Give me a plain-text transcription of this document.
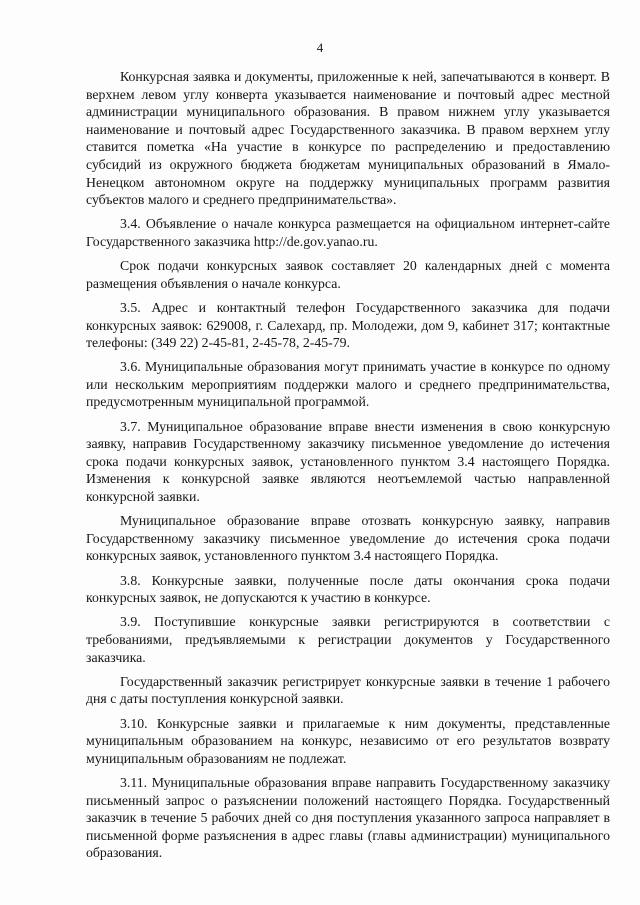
4

Конкурсная заявка и документы, приложенные к ней, запечатываются в конверт. В верхнем левом углу конверта указывается наименование и почтовый адрес местной администрации муниципального образования. В правом нижнем углу указывается наименование и почтовый адрес Государственного заказчика. В правом верхнем углу ставится пометка «На участие в конкурсе по распределению и предоставлению субсидий из окружного бюджета бюджетам муниципальных образований в Ямало-Ненецком автономном округе на поддержку муниципальных программ развития субъектов малого и среднего предпринимательства».

3.4. Объявление о начале конкурса размещается на официальном интернет-сайте Государственного заказчика http://de.gov.yanao.ru.

Срок подачи конкурсных заявок составляет 20 календарных дней с момента размещения объявления о начале конкурса.

3.5. Адрес и контактный телефон Государственного заказчика для подачи конкурсных заявок: 629008, г. Салехард, пр. Молодежи, дом 9, кабинет 317; контактные телефоны: (349 22) 2-45-81, 2-45-78, 2-45-79.

3.6. Муниципальные образования могут принимать участие в конкурсе по одному или нескольким мероприятиям поддержки малого и среднего предпринимательства, предусмотренным муниципальной программой.

3.7. Муниципальное образование вправе внести изменения в свою конкурсную заявку, направив Государственному заказчику письменное уведомление до истечения срока подачи конкурсных заявок, установленного пунктом 3.4 настоящего Порядка. Изменения к конкурсной заявке являются неотъемлемой частью направленной конкурсной заявки.

Муниципальное образование вправе отозвать конкурсную заявку, направив Государственному заказчику письменное уведомление до истечения срока подачи конкурсных заявок, установленного пунктом 3.4 настоящего Порядка.

3.8. Конкурсные заявки, полученные после даты окончания срока подачи конкурсных заявок, не допускаются к участию в конкурсе.

3.9. Поступившие конкурсные заявки регистрируются в соответствии с требованиями, предъявляемыми к регистрации документов у Государственного заказчика.

Государственный заказчик регистрирует конкурсные заявки в течение 1 рабочего дня с даты поступления конкурсной заявки.

3.10. Конкурсные заявки и прилагаемые к ним документы, представленные муниципальным образованием на конкурс, независимо от его результатов возврату муниципальным образованиям не подлежат.

3.11. Муниципальные образования вправе направить Государственному заказчику письменный запрос о разъяснении положений настоящего Порядка. Государственный заказчик в течение 5 рабочих дней со дня поступления указанного запроса направляет в письменной форме разъяснения в адрес главы (главы администрации) муниципального образования.
